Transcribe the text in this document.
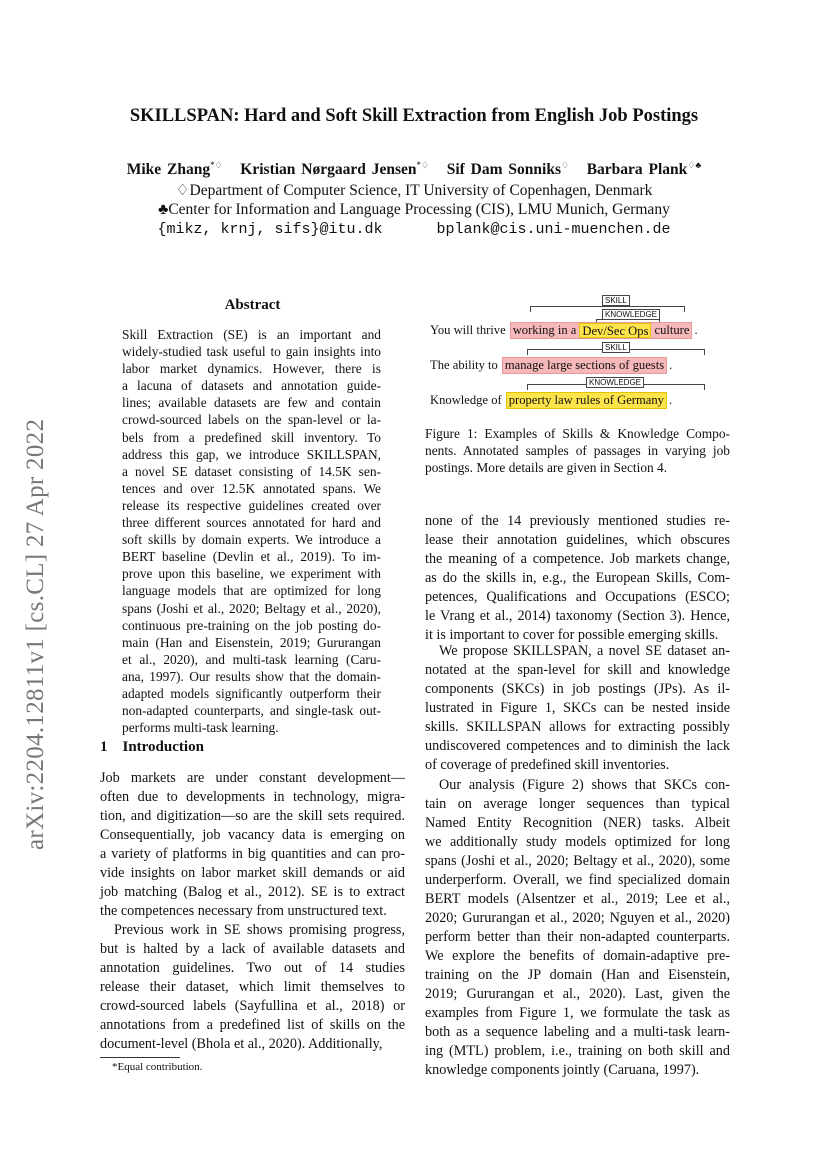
arXiv:2204.12811v1 [cs.CL] 27 Apr 2022
SKILLSPAN: Hard and Soft Skill Extraction from English Job Postings
Mike Zhang*♢ Kristian Nørgaard Jensen*♢ Sif Dam Sonniks♢ Barbara Plank♢♣
♢Department of Computer Science, IT University of Copenhagen, Denmark
♣Center for Information and Language Processing (CIS), LMU Munich, Germany
{mikz, krnj, sifs}@itu.dk      bplank@cis.uni-muenchen.de
Abstract
Skill Extraction (SE) is an important and
widely-studied task useful to gain insights into
labor market dynamics. However, there is
a lacuna of datasets and annotation guide-
lines; available datasets are few and contain
crowd-sourced labels on the span-level or la-
bels from a predefined skill inventory. To
address this gap, we introduce SKILLSPAN,
a novel SE dataset consisting of 14.5K sen-
tences and over 12.5K annotated spans. We
release its respective guidelines created over
three different sources annotated for hard and
soft skills by domain experts. We introduce a
BERT baseline (Devlin et al., 2019). To im-
prove upon this baseline, we experiment with
language models that are optimized for long
spans (Joshi et al., 2020; Beltagy et al., 2020),
continuous pre-training on the job posting do-
main (Han and Eisenstein, 2019; Gururangan
et al., 2020), and multi-task learning (Caru-
ana, 1997). Our results show that the domain-
adapted models significantly outperform their
non-adapted counterparts, and single-task out-
performs multi-task learning.
1    Introduction
Job markets are under constant development—
often due to developments in technology, migra-
tion, and digitization—so are the skill sets required.
Consequentially, job vacancy data is emerging on
a variety of platforms in big quantities and can pro-
vide insights on labor market skill demands or aid
job matching (Balog et al., 2012). SE is to extract
the competences necessary from unstructured text.
Previous work in SE shows promising progress,
but is halted by a lack of available datasets and
annotation guidelines. Two out of 14 studies
release their dataset, which limit themselves to
crowd-sourced labels (Sayfullina et al., 2018) or
annotations from a predefined list of skills on the
document-level (Bhola et al., 2020). Additionally,
*Equal contribution.
SKILL
KNOWLEDGE
You will thrive working in a Dev/Sec Ops culture .
SKILL
The ability to manage large sections of guests .
KNOWLEDGE
Knowledge of property law rules of Germany .
Figure 1: Examples of Skills & Knowledge Compo-
nents. Annotated samples of passages in varying job
postings. More details are given in Section 4.
none of the 14 previously mentioned studies re-
lease their annotation guidelines, which obscures
the meaning of a competence. Job markets change,
as do the skills in, e.g., the European Skills, Com-
petences, Qualifications and Occupations (ESCO;
le Vrang et al., 2014) taxonomy (Section 3). Hence,
it is important to cover for possible emerging skills.
We propose SKILLSPAN, a novel SE dataset an-
notated at the span-level for skill and knowledge
components (SKCs) in job postings (JPs). As il-
lustrated in Figure 1, SKCs can be nested inside
skills. SKILLSPAN allows for extracting possibly
undiscovered competences and to diminish the lack
of coverage of predefined skill inventories.
Our analysis (Figure 2) shows that SKCs con-
tain on average longer sequences than typical
Named Entity Recognition (NER) tasks. Albeit
we additionally study models optimized for long
spans (Joshi et al., 2020; Beltagy et al., 2020), some
underperform. Overall, we find specialized domain
BERT models (Alsentzer et al., 2019; Lee et al.,
2020; Gururangan et al., 2020; Nguyen et al., 2020)
perform better than their non-adapted counterparts.
We explore the benefits of domain-adaptive pre-
training on the JP domain (Han and Eisenstein,
2019; Gururangan et al., 2020). Last, given the
examples from Figure 1, we formulate the task as
both as a sequence labeling and a multi-task learn-
ing (MTL) problem, i.e., training on both skill and
knowledge components jointly (Caruana, 1997).
